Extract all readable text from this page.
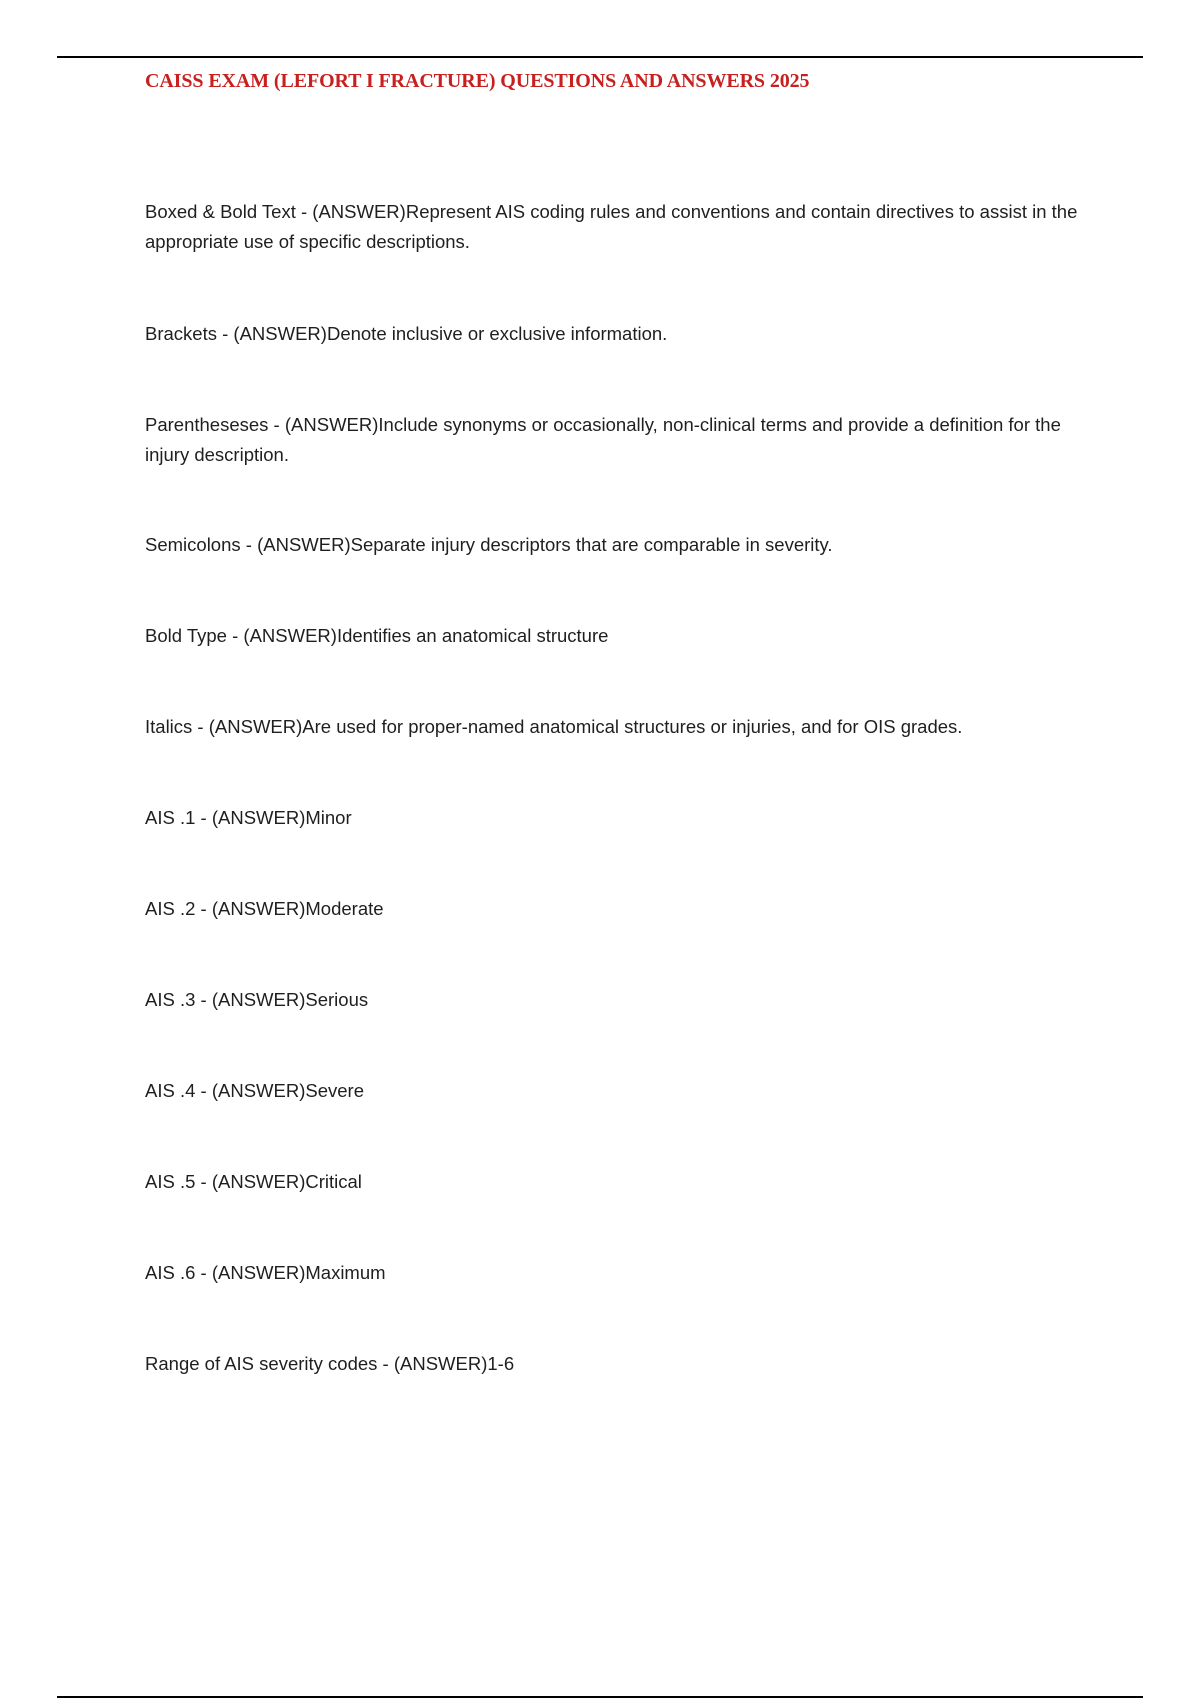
CAISS EXAM (LEFORT I FRACTURE) QUESTIONS AND ANSWERS 2025
Boxed & Bold Text - (ANSWER)Represent AIS coding rules and conventions and contain directives to assist in the appropriate use of specific descriptions.
Brackets - (ANSWER)Denote inclusive or exclusive information.
Parentheseses - (ANSWER)Include synonyms or occasionally, non-clinical terms and provide a definition for the injury description.
Semicolons - (ANSWER)Separate injury descriptors that are comparable in severity.
Bold Type - (ANSWER)Identifies an anatomical structure
Italics - (ANSWER)Are used for proper-named anatomical structures or injuries, and for OIS grades.
AIS .1 - (ANSWER)Minor
AIS .2 - (ANSWER)Moderate
AIS .3 - (ANSWER)Serious
AIS .4 - (ANSWER)Severe
AIS .5 - (ANSWER)Critical
AIS .6 - (ANSWER)Maximum
Range of AIS severity codes - (ANSWER)1-6
